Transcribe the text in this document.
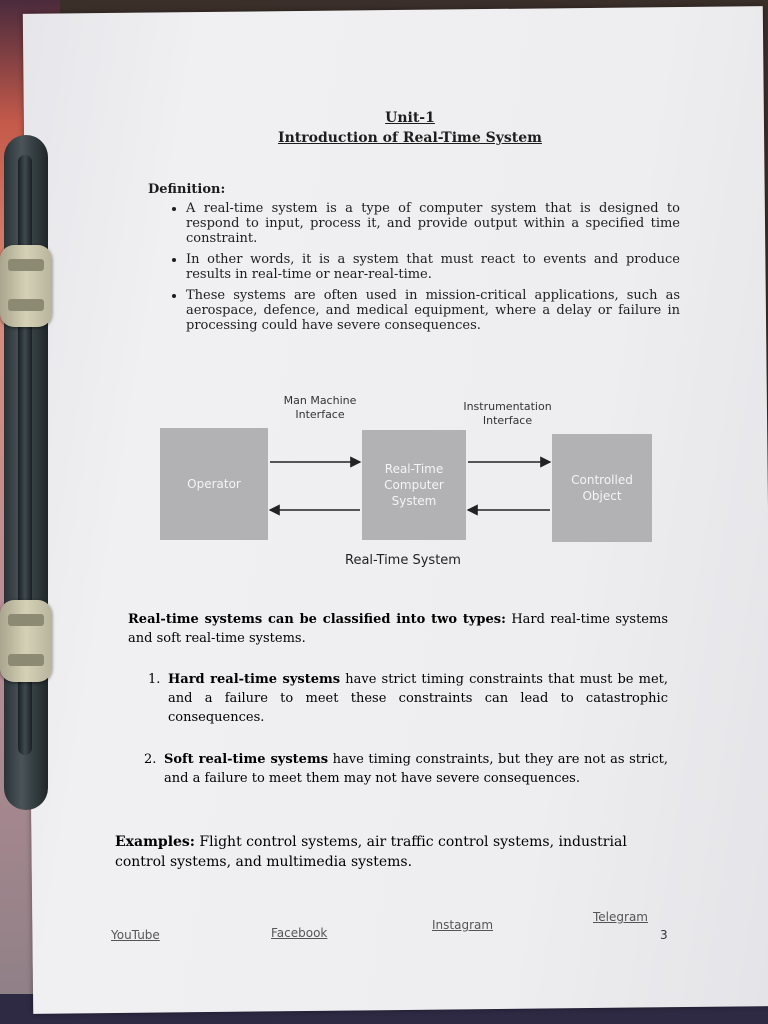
Unit-1
Introduction of Real-Time System
Definition:
• A real-time system is a type of computer system that is designed to respond to input, process it, and provide output within a specified time constraint.
• In other words, it is a system that must react to events and produce results in real-time or near-real-time.
• These systems are often used in mission-critical applications, such as aerospace, defence, and medical equipment, where a delay or failure in processing could have severe consequences.
Man Machine Interface
Instrumentation Interface
Operator
Real-Time Computer System
Controlled Object
Real-Time System
Real-time systems can be classified into two types: Hard real-time systems and soft real-time systems.
1. Hard real-time systems have strict timing constraints that must be met, and a failure to meet these constraints can lead to catastrophic consequences.
2. Soft real-time systems have timing constraints, but they are not as strict, and a failure to meet them may not have severe consequences.
Examples: Flight control systems, air traffic control systems, industrial control systems, and multimedia systems.
YouTube	Facebook
Instagram
Telegram
3
